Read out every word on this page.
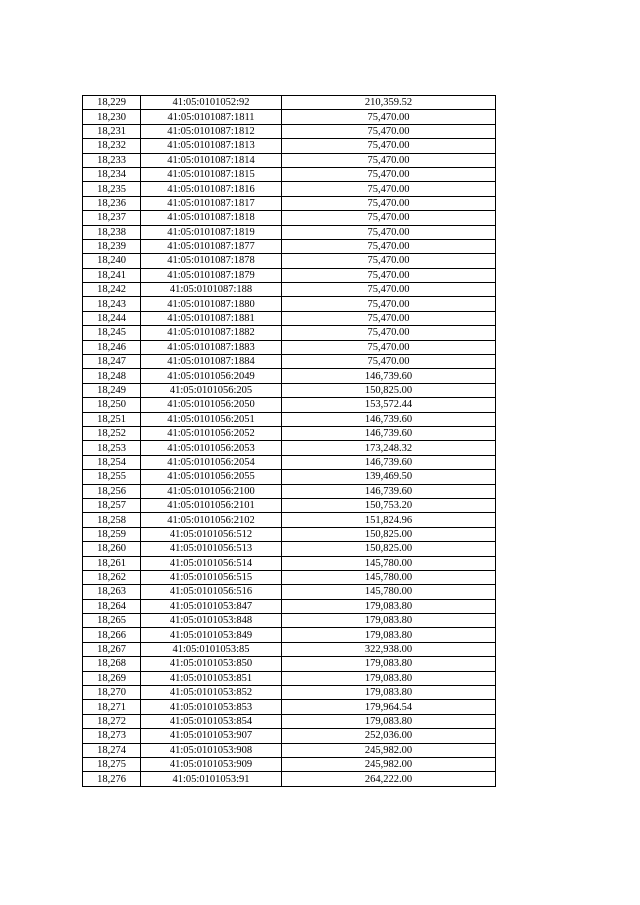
18,229	41:05:0101052:92	210,359.52
18,230	41:05:0101087:1811	75,470.00
18,231	41:05:0101087:1812	75,470.00
18,232	41:05:0101087:1813	75,470.00
18,233	41:05:0101087:1814	75,470.00
18,234	41:05:0101087:1815	75,470.00
18,235	41:05:0101087:1816	75,470.00
18,236	41:05:0101087:1817	75,470.00
18,237	41:05:0101087:1818	75,470.00
18,238	41:05:0101087:1819	75,470.00
18,239	41:05:0101087:1877	75,470.00
18,240	41:05:0101087:1878	75,470.00
18,241	41:05:0101087:1879	75,470.00
18,242	41:05:0101087:188	75,470.00
18,243	41:05:0101087:1880	75,470.00
18,244	41:05:0101087:1881	75,470.00
18,245	41:05:0101087:1882	75,470.00
18,246	41:05:0101087:1883	75,470.00
18,247	41:05:0101087:1884	75,470.00
18,248	41:05:0101056:2049	146,739.60
18,249	41:05:0101056:205	150,825.00
18,250	41:05:0101056:2050	153,572.44
18,251	41:05:0101056:2051	146,739.60
18,252	41:05:0101056:2052	146,739.60
18,253	41:05:0101056:2053	173,248.32
18,254	41:05:0101056:2054	146,739.60
18,255	41:05:0101056:2055	139,469.50
18,256	41:05:0101056:2100	146,739.60
18,257	41:05:0101056:2101	150,753.20
18,258	41:05:0101056:2102	151,824.96
18,259	41:05:0101056:512	150,825.00
18,260	41:05:0101056:513	150,825.00
18,261	41:05:0101056:514	145,780.00
18,262	41:05:0101056:515	145,780.00
18,263	41:05:0101056:516	145,780.00
18,264	41:05:0101053:847	179,083.80
18,265	41:05:0101053:848	179,083.80
18,266	41:05:0101053:849	179,083.80
18,267	41:05:0101053:85	322,938.00
18,268	41:05:0101053:850	179,083.80
18,269	41:05:0101053:851	179,083.80
18,270	41:05:0101053:852	179,083.80
18,271	41:05:0101053:853	179,964.54
18,272	41:05:0101053:854	179,083.80
18,273	41:05:0101053:907	252,036.00
18,274	41:05:0101053:908	245,982.00
18,275	41:05:0101053:909	245,982.00
18,276	41:05:0101053:91	264,222.00
